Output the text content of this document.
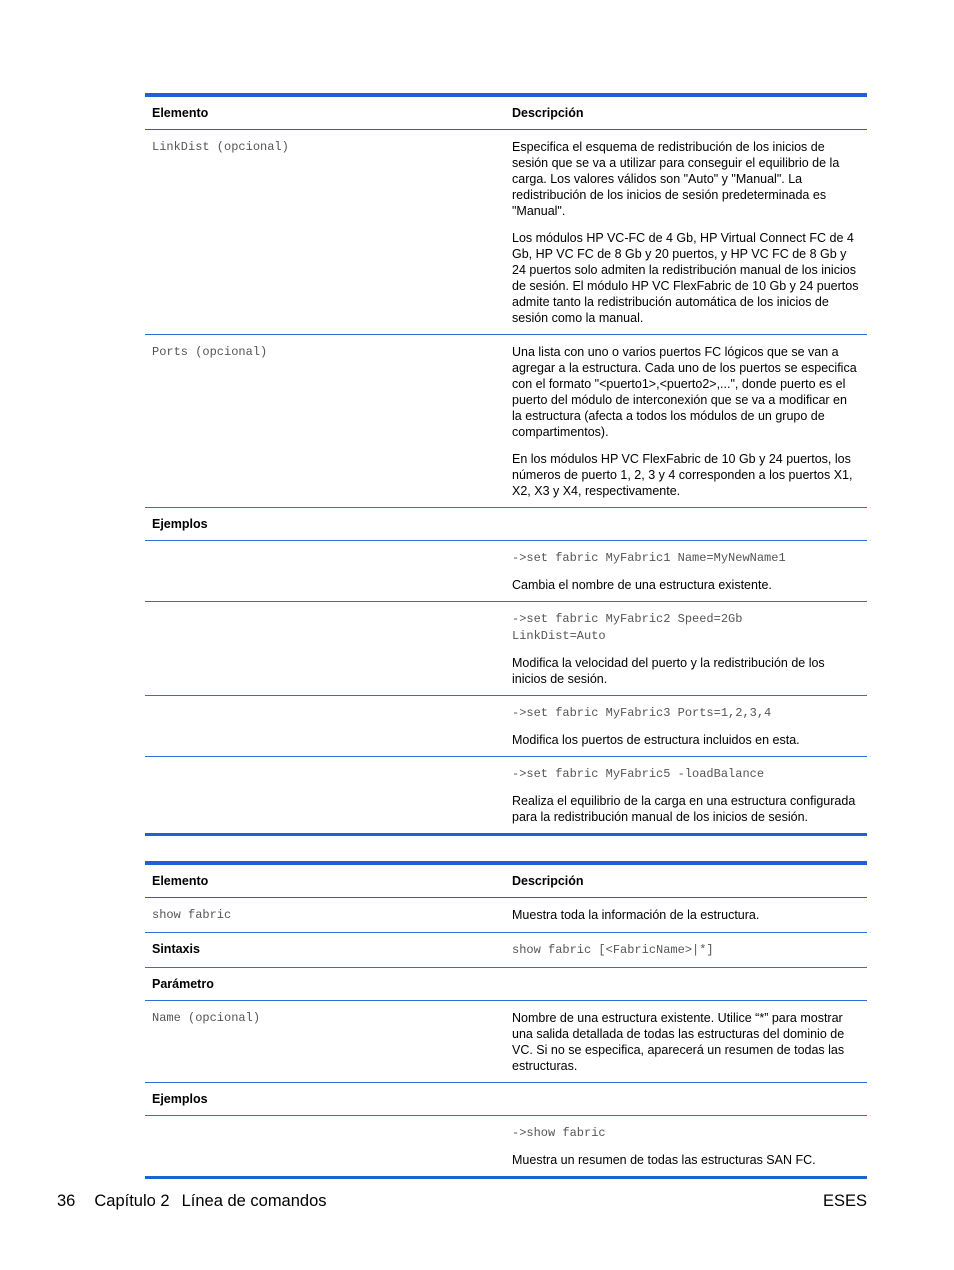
Elemento	Descripción

LinkDist (opcional)	Especifica el esquema de redistribución de los inicios de sesión que se va a utilizar para conseguir el equilibrio de la carga. Los valores válidos son "Auto" y "Manual". La redistribución de los inicios de sesión predeterminada es "Manual".

Los módulos HP VC-FC de 4 Gb, HP Virtual Connect FC de 4 Gb, HP VC FC de 8 Gb y 20 puertos, y HP VC FC de 8 Gb y 24 puertos solo admiten la redistribución manual de los inicios de sesión. El módulo HP VC FlexFabric de 10 Gb y 24 puertos admite tanto la redistribución automática de los inicios de sesión como la manual.

Ports (opcional)	Una lista con uno o varios puertos FC lógicos que se van a agregar a la estructura. Cada uno de los puertos se especifica con el formato "<puerto1>,<puerto2>,...", donde puerto es el puerto del módulo de interconexión que se va a modificar en la estructura (afecta a todos los módulos de un grupo de compartimentos).

En los módulos HP VC FlexFabric de 10 Gb y 24 puertos, los números de puerto 1, 2, 3 y 4 corresponden a los puertos X1, X2, X3 y X4, respectivamente.

Ejemplos

->set fabric MyFabric1 Name=MyNewName1

Cambia el nombre de una estructura existente.

->set fabric MyFabric2 Speed=2Gb
LinkDist=Auto

Modifica la velocidad del puerto y la redistribución de los inicios de sesión.

->set fabric MyFabric3 Ports=1,2,3,4

Modifica los puertos de estructura incluidos en esta.

->set fabric MyFabric5 -loadBalance

Realiza el equilibrio de la carga en una estructura configurada para la redistribución manual de los inicios de sesión.

Elemento	Descripción

show fabric	Muestra toda la información de la estructura.

Sintaxis	show fabric [<FabricName>|*]

Parámetro

Name (opcional)	Nombre de una estructura existente. Utilice “*” para mostrar una salida detallada de todas las estructuras del dominio de VC. Si no se especifica, aparecerá un resumen de todas las estructuras.

Ejemplos

->show fabric

Muestra un resumen de todas las estructuras SAN FC.

36 Capítulo 2 Línea de comandos	ESES
